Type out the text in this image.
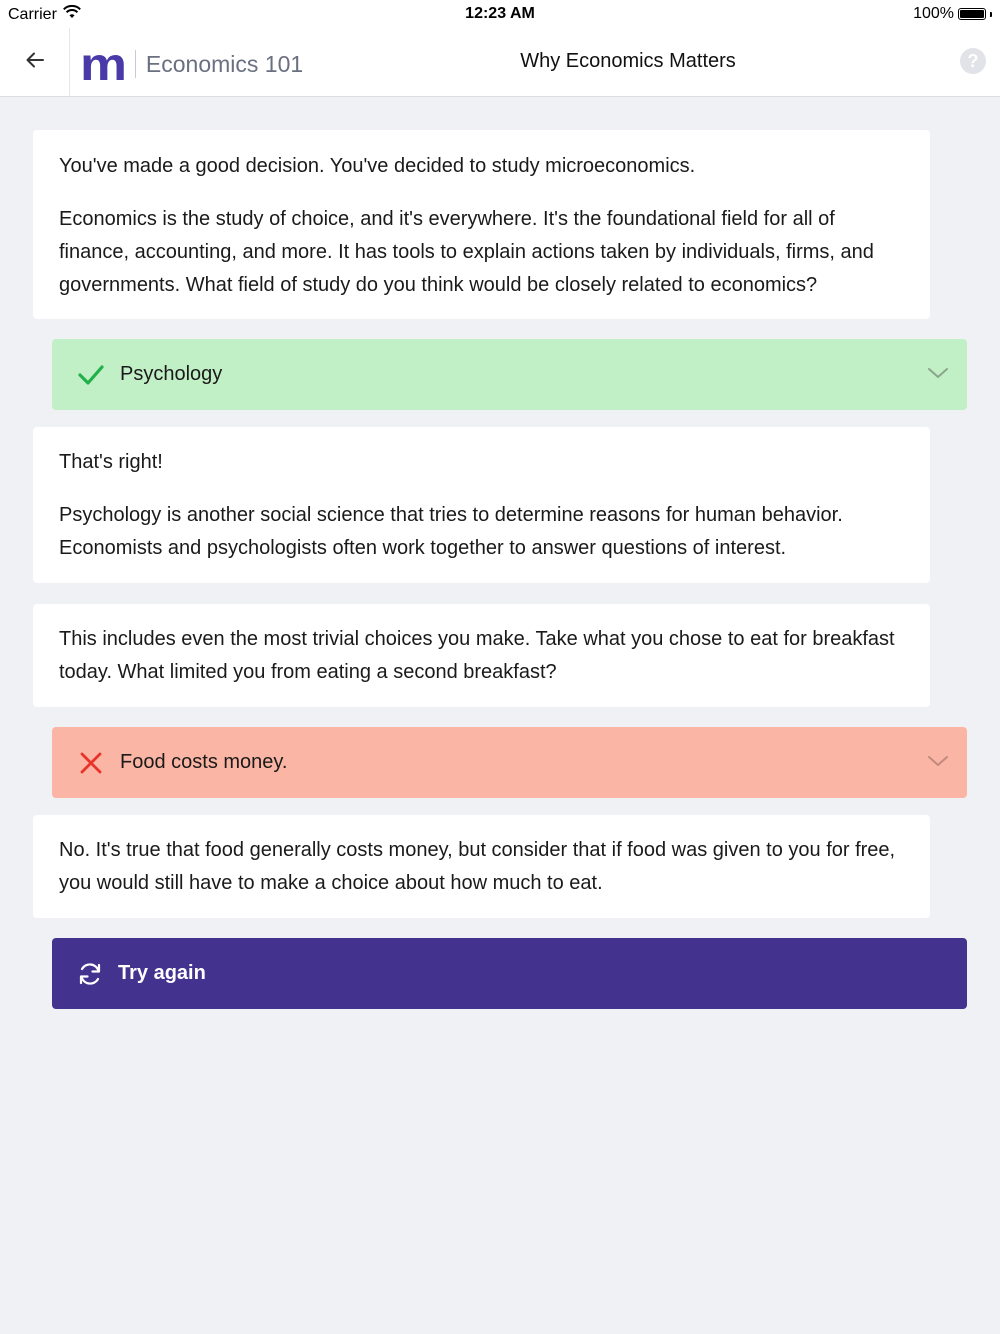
Carrier	12:23 AM	100%
m Economics 101	Why Economics Matters	?

You've made a good decision. You've decided to study microeconomics.

Economics is the study of choice, and it's everywhere. It's the foundational field for all of finance, accounting, and more. It has tools to explain actions taken by individuals, firms, and governments. What field of study do you think would be closely related to economics?

Psychology

That's right!

Psychology is another social science that tries to determine reasons for human behavior. Economists and psychologists often work together to answer questions of interest.

This includes even the most trivial choices you make. Take what you chose to eat for breakfast today. What limited you from eating a second breakfast?

Food costs money.

No. It's true that food generally costs money, but consider that if food was given to you for free, you would still have to make a choice about how much to eat.

Try again
